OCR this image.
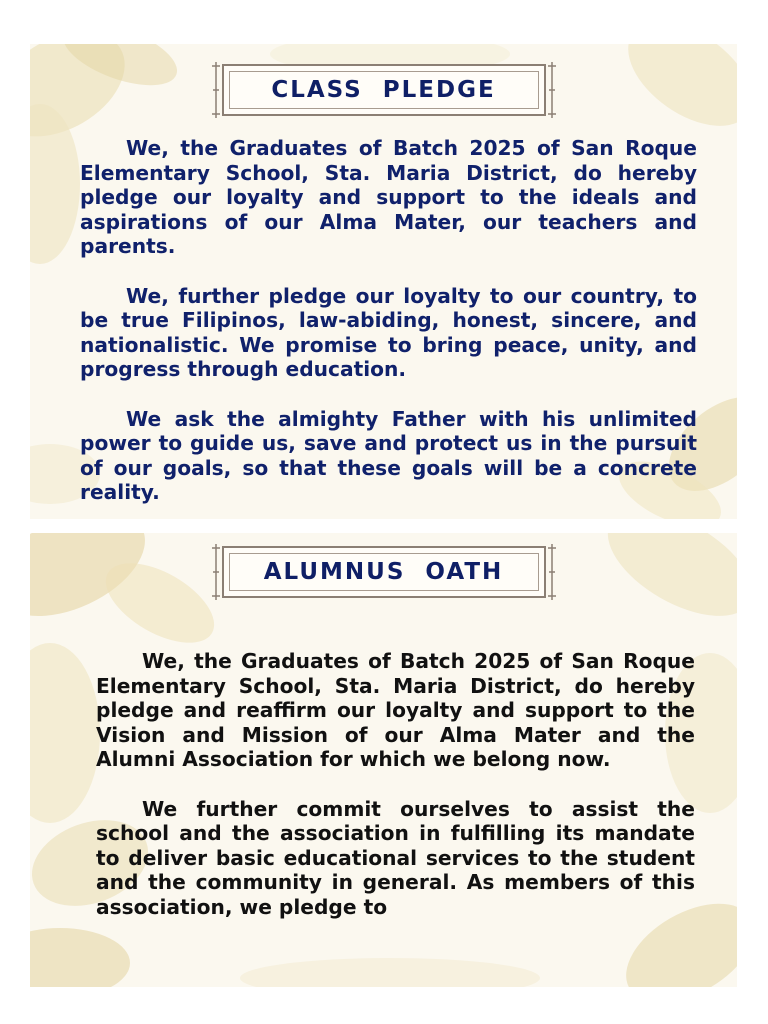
CLASS  PLEDGE

We, the Graduates of Batch 2025 of San Roque Elementary School, Sta. Maria District, do hereby pledge our loyalty and support to the ideals and aspirations of our Alma Mater, our teachers and parents.

We, further pledge our loyalty to our country, to be true Filipinos, law-abiding, honest, sincere, and nationalistic. We promise to bring peace, unity, and progress through education.

We ask the almighty Father with his unlimited power to guide us, save and protect us in the pursuit of our goals, so that these goals will be a concrete reality.

ALUMNUS  OATH

We, the Graduates of Batch 2025 of San Roque Elementary School, Sta. Maria District, do hereby pledge and reaffirm our loyalty and support to the Vision and Mission of our Alma Mater and the Alumni Association for which we belong now.

We further commit ourselves to assist the school and the association in fulfilling its mandate to deliver basic educational services to the student and the community in general. As members of this association, we pledge to
